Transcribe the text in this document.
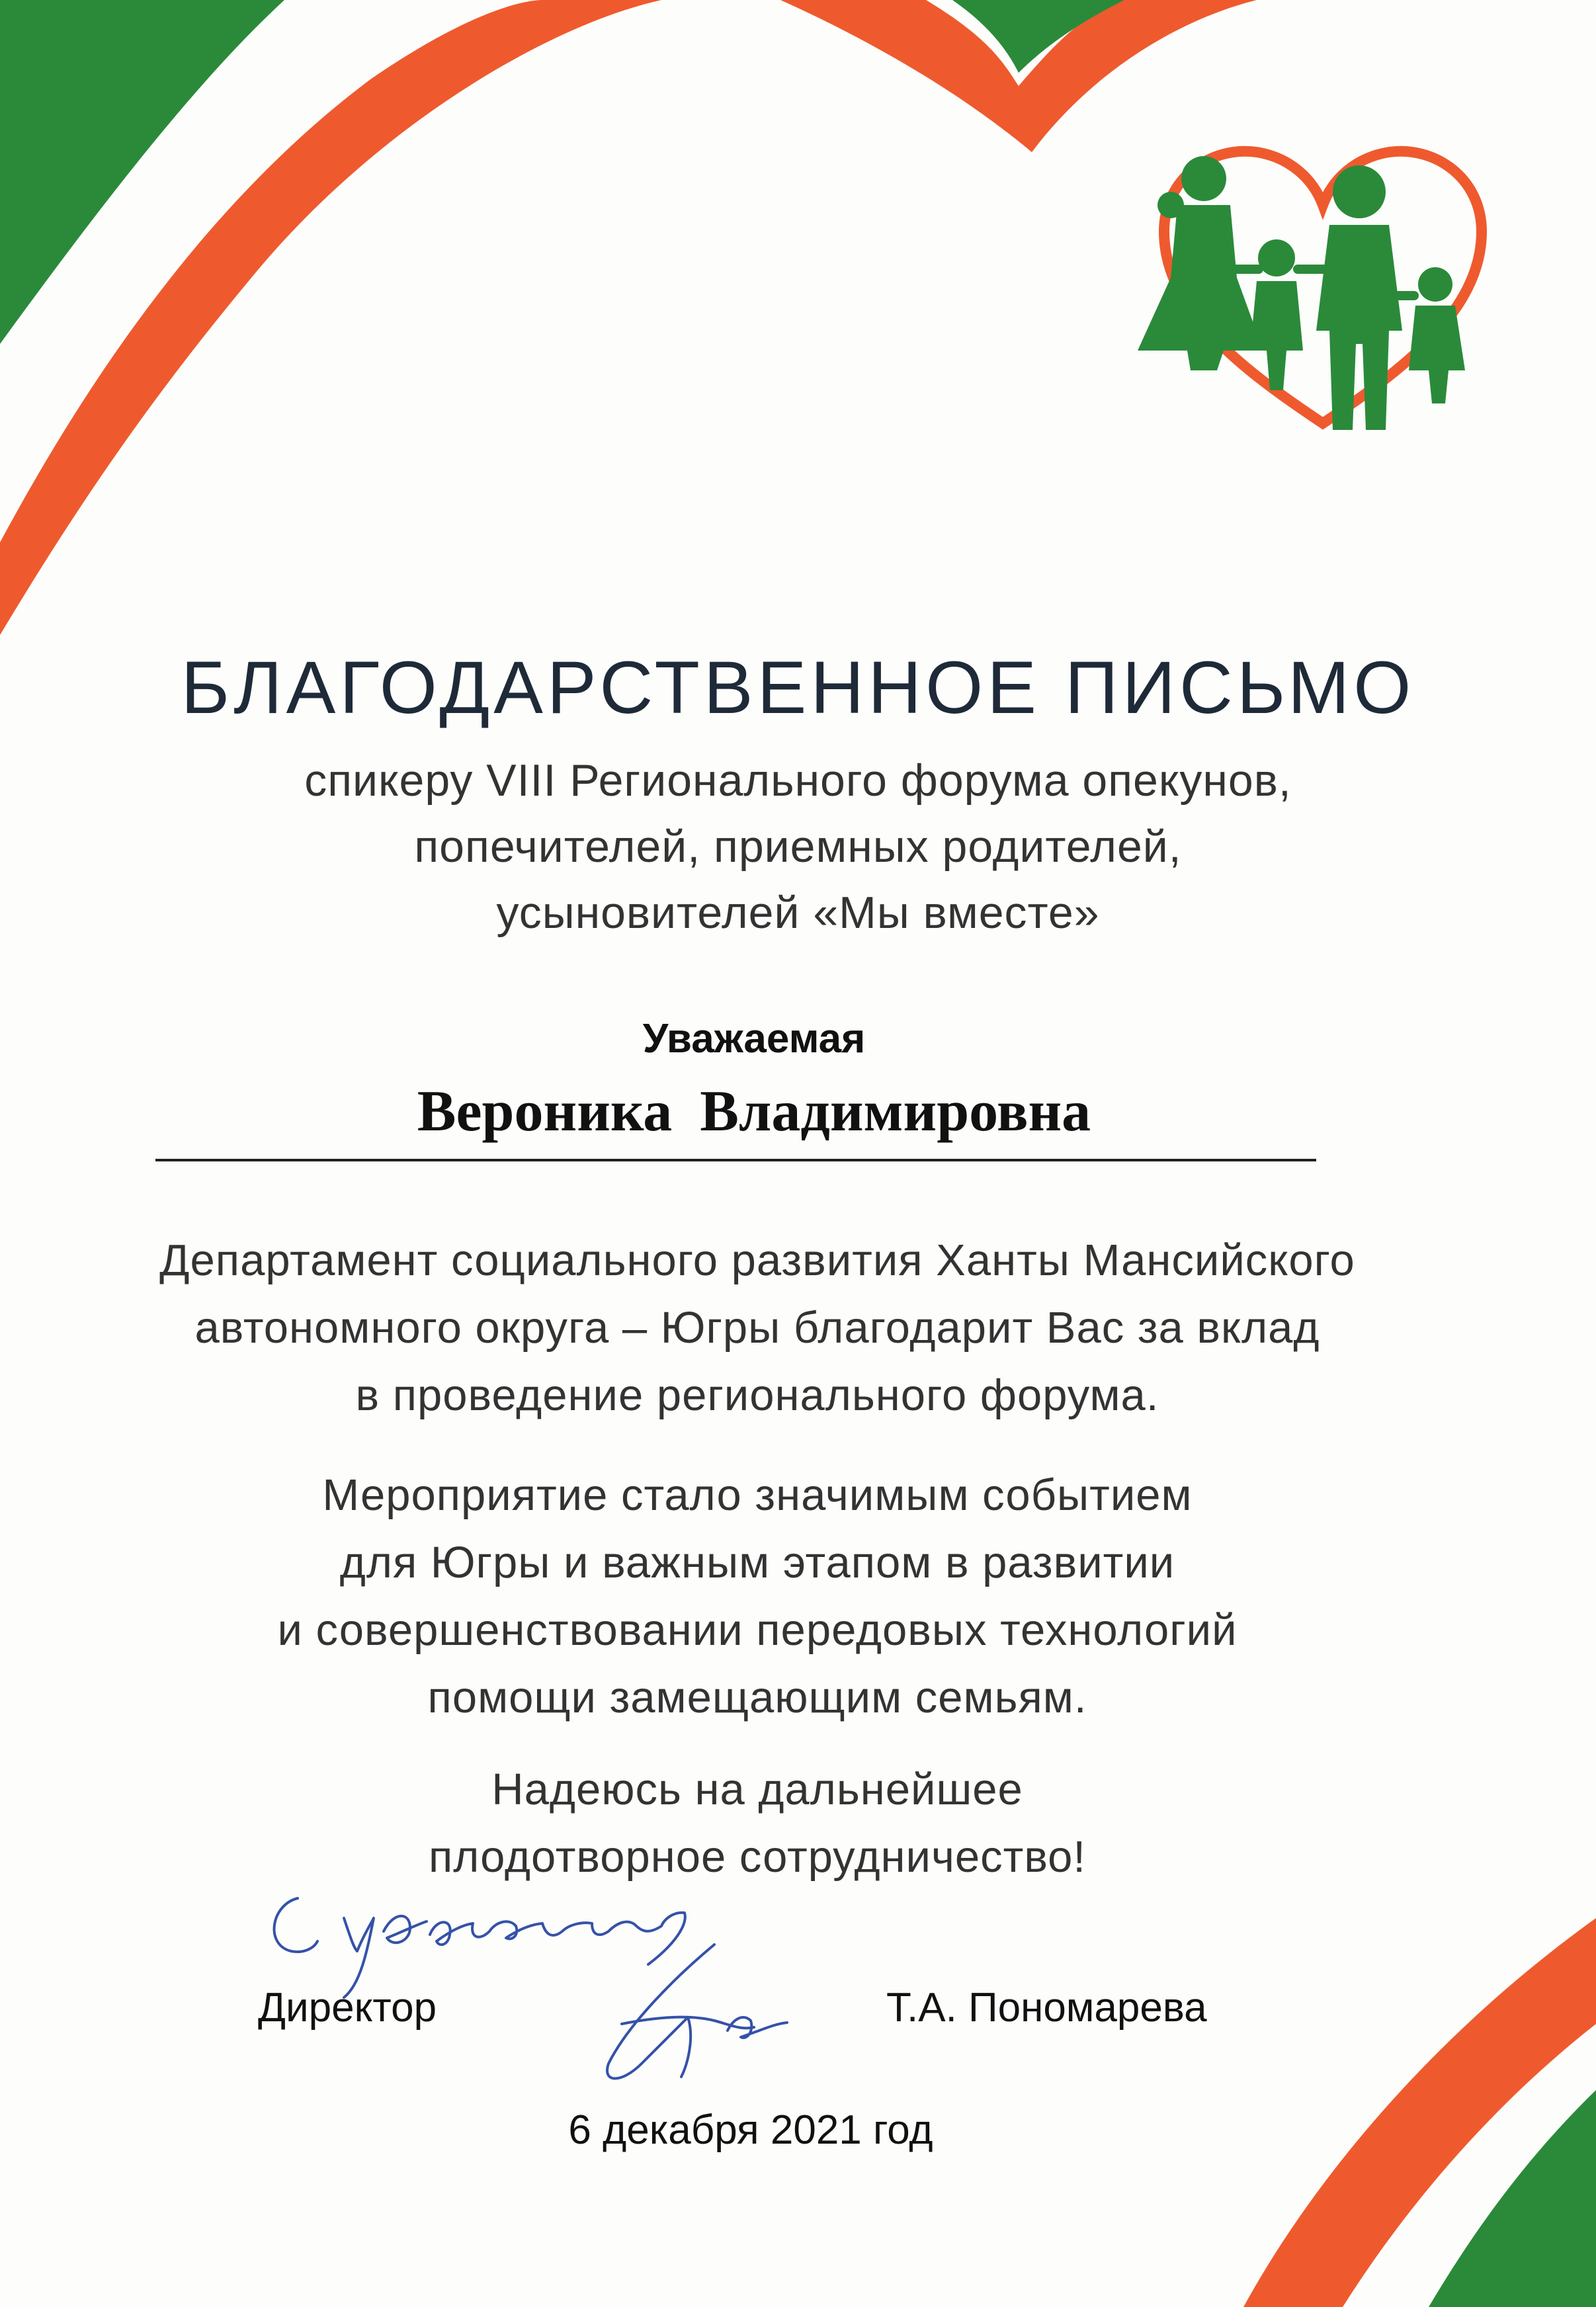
БЛАГОДАРСТВЕННОЕ ПИСЬМО
спикеру VIII Регионального форума опекунов,
попечителей, приемных родителей,
усыновителей «Мы вместе»
Уважаемая
Вероника Владимировна
Департамент социального развития Ханты Мансийского
автономного округа – Югры благодарит Вас за вклад
в проведение регионального форума.
Мероприятие стало значимым событием
для Югры и важным этапом в развитии
и совершенствовании передовых технологий
помощи замещающим семьям.
Надеюсь на дальнейшее
плодотворное сотрудничество!
Директор	Т.А. Пономарева
6 декабря 2021 год
